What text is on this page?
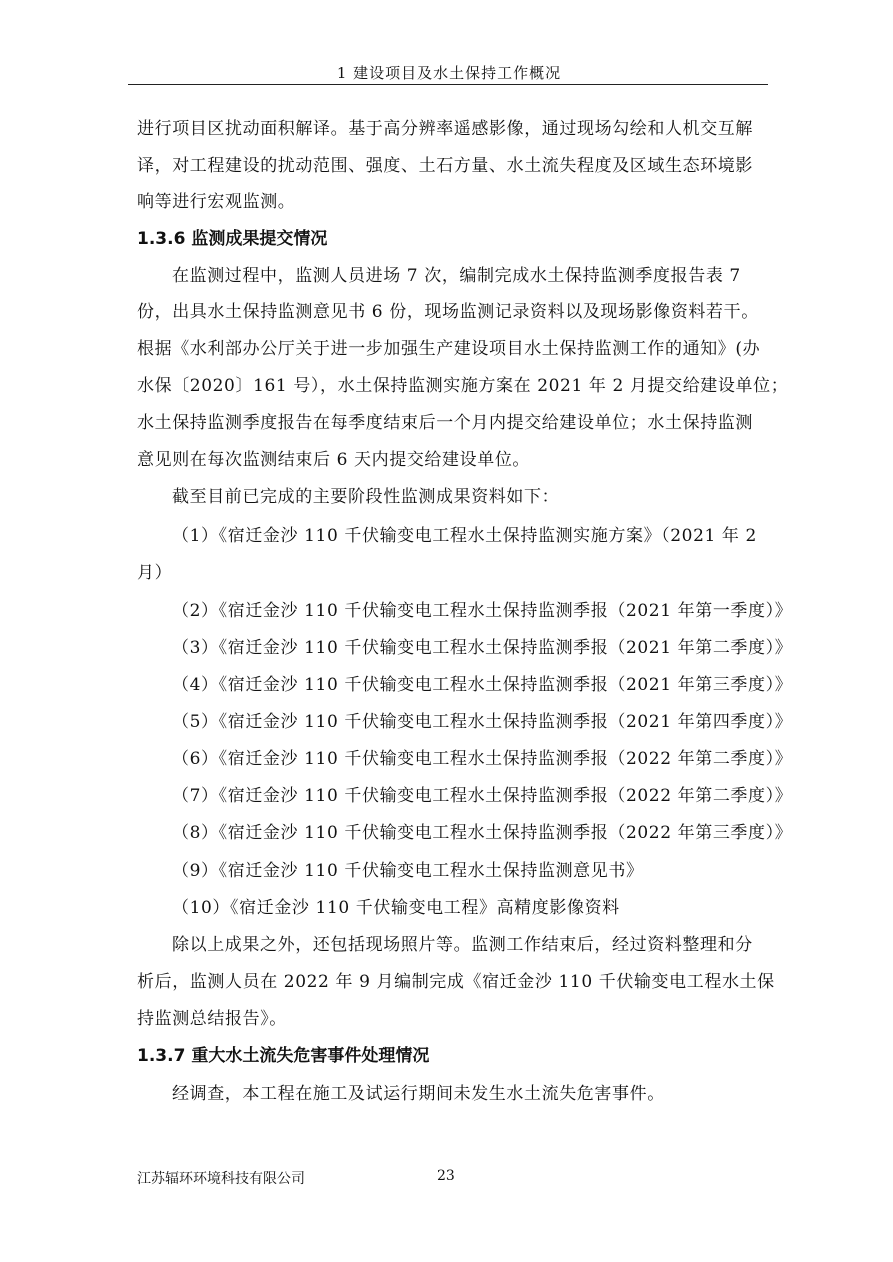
1 建设项目及水土保持工作概况
进行项目区扰动面积解译。基于高分辨率遥感影像，通过现场勾绘和人机交互解
译，对工程建设的扰动范围、强度、土石方量、水土流失程度及区域生态环境影
响等进行宏观监测。
1.3.6 监测成果提交情况
在监测过程中，监测人员进场 7 次，编制完成水土保持监测季度报告表 7
份，出具水土保持监测意见书 6 份，现场监测记录资料以及现场影像资料若干。
根据《水利部办公厅关于进一步加强生产建设项目水土保持监测工作的通知》(办
水保〔2020〕161 号），水土保持监测实施方案在 2021 年 2 月提交给建设单位；
水土保持监测季度报告在每季度结束后一个月内提交给建设单位；水土保持监测
意见则在每次监测结束后 6 天内提交给建设单位。
截至目前已完成的主要阶段性监测成果资料如下：
（1）《宿迁金沙 110 千伏输变电工程水土保持监测实施方案》（2021 年 2
月）
（2）《宿迁金沙 110 千伏输变电工程水土保持监测季报（2021 年第一季度）》
（3）《宿迁金沙 110 千伏输变电工程水土保持监测季报（2021 年第二季度）》
（4）《宿迁金沙 110 千伏输变电工程水土保持监测季报（2021 年第三季度）》
（5）《宿迁金沙 110 千伏输变电工程水土保持监测季报（2021 年第四季度）》
（6）《宿迁金沙 110 千伏输变电工程水土保持监测季报（2022 年第二季度）》
（7）《宿迁金沙 110 千伏输变电工程水土保持监测季报（2022 年第二季度）》
（8）《宿迁金沙 110 千伏输变电工程水土保持监测季报（2022 年第三季度）》
（9）《宿迁金沙 110 千伏输变电工程水土保持监测意见书》
（10）《宿迁金沙 110 千伏输变电工程》高精度影像资料
除以上成果之外，还包括现场照片等。监测工作结束后，经过资料整理和分
析后，监测人员在 2022 年 9 月编制完成《宿迁金沙 110 千伏输变电工程水土保
持监测总结报告》。
1.3.7 重大水土流失危害事件处理情况
经调查，本工程在施工及试运行期间未发生水土流失危害事件。
江苏辐环环境科技有限公司	23
